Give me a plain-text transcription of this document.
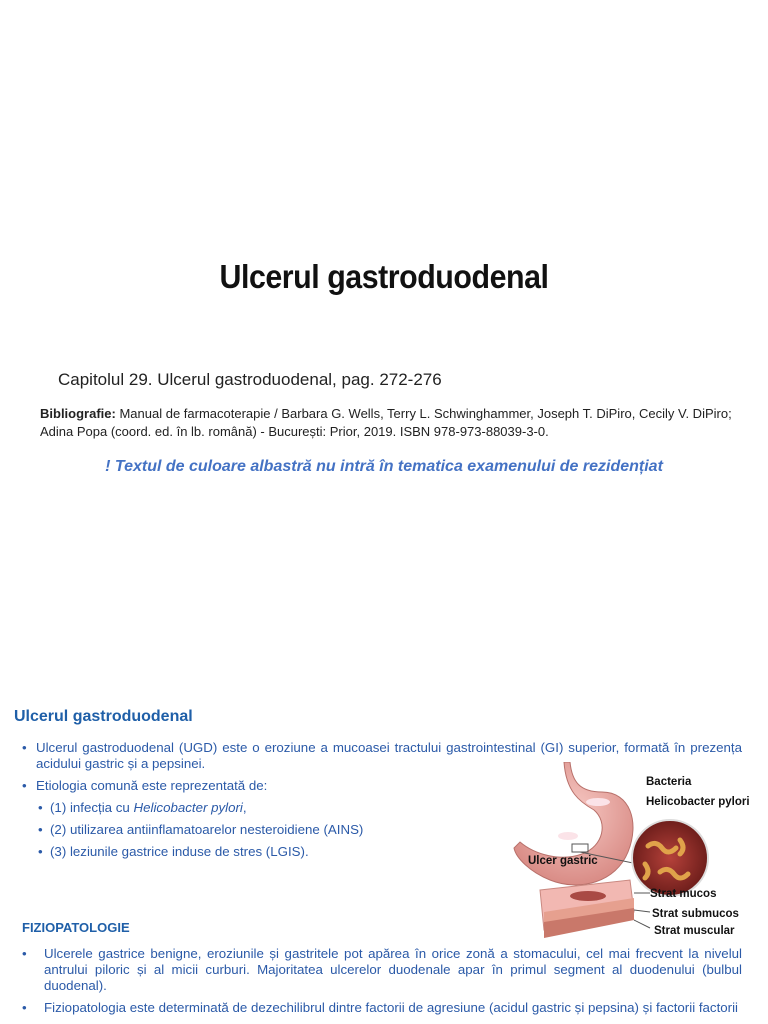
Ulcerul gastroduodenal
Capitolul 29. Ulcerul gastroduodenal, pag. 272-276
Bibliografie: Manual de farmacoterapie / Barbara G. Wells, Terry L. Schwinghammer, Joseph T. DiPiro, Cecily V. DiPiro; Adina Popa (coord. ed. în lb. română) - București: Prior, 2019. ISBN 978-973-88039-3-0.
! Textul de culoare albastră nu intră în tematica examenului de rezidențiat
Ulcerul gastroduodenal
• Ulcerul gastroduodenal (UGD) este o eroziune a mucoasei tractului gastrointestinal (GI) superior, formată în prezența acidului gastric și a pepsinei.
• Etiologia comună este reprezentată de:
• (1) infecția cu Helicobacter pylori,
• (2) utilizarea antiinflamatoarelor nesteroidiene (AINS)
• (3) leziunile gastrice induse de stres (LGIS).
Bacteria
Helicobacter pylori
Ulcer gastric
Strat mucos
Strat submucos
Strat muscular
FIZIOPATOLOGIE
• Ulcerele gastrice benigne, eroziunile și gastritele pot apărea în orice zonă a stomacului, cel mai frecvent la nivelul antrului piloric și al micii curburi. Majoritatea ulcerelor duodenale apar în primul segment al duodenului (bulbul duodenal).
• Fiziopatologia este determinată de dezechilibrul dintre factorii de agresiune (acidul gastric și pepsina) și factorii factorii
